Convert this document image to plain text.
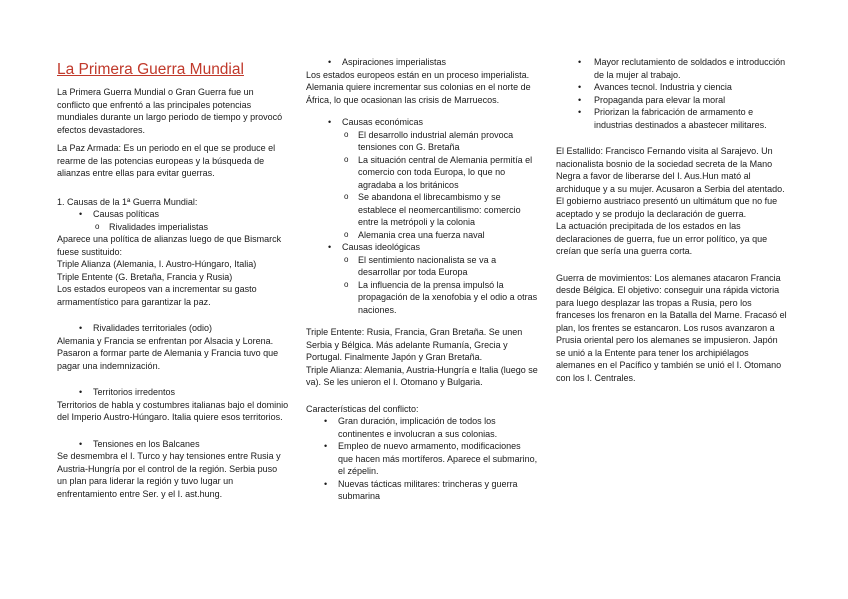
La Primera Guerra Mundial

La Primera Guerra Mundial o Gran Guerra fue un conflicto que enfrentó a las principales potencias mundiales durante un largo periodo de tiempo y provocó efectos devastadores.

La Paz Armada: Es un periodo en el que se produce el rearme de las potencias europeas y la búsqueda de alianzas entre ellas para evitar guerras.

1. Causas de la 1ª Guerra Mundial:
• Causas políticas
o Rivalidades imperialistas
Aparece una política de alianzas luego de que Bismarck fuese sustituido:
Triple Alianza (Alemania, I. Austro-Húngaro, Italia)
Triple Entente (G. Bretaña, Francia y Rusia)
Los estados europeos van a incrementar su gasto armamentístico para garantizar la paz.
• Rivalidades territoriales (odio)
Alemania y Francia se enfrentan por Alsacia y Lorena. Pasaron a formar parte de Alemania y Francia tuvo que pagar una indemnización.
• Territorios irredentos
Territorios de habla y costumbres italianas bajo el dominio del Imperio Austro-Húngaro. Italia quiere esos territorios.
• Tensiones en los Balcanes
Se desmembra el I. Turco y hay tensiones entre Rusia y Austria-Hungría por el control de la región. Serbia puso un plan para liderar la región y tuvo lugar un enfrentamiento entre Ser. y el I. ast.hung.
• Aspiraciones imperialistas
Los estados europeos están en un proceso imperialista. Alemania quiere incrementar sus colonias en el norte de África, lo que ocasionan las crisis de Marruecos.
• Causas económicas
o El desarrollo industrial alemán provoca tensiones con G. Bretaña
o La situación central de Alemania permitía el comercio con toda Europa, lo que no agradaba a los británicos
o Se abandona el librecambismo y se establece el neomercantilismo: comercio entre la metrópoli y la colonia
o Alemania crea una fuerza naval
• Causas ideológicas
o El sentimiento nacionalista se va a desarrollar por toda Europa
o La influencia de la prensa impulsó la propagación de la xenofobia y el odio a otras naciones.
Triple Entente: Rusia, Francia, Gran Bretaña. Se unen Serbia y Bélgica. Más adelante Rumanía, Grecia y Portugal. Finalmente Japón y Gran Bretaña.
Triple Alianza: Alemania, Austria-Hungría e Italia (luego se va). Se les unieron el I. Otomano y Bulgaria.
Características del conflicto:
• Gran duración, implicación de todos los continentes e involucran a sus colonias.
• Empleo de nuevo armamento, modificaciones que hacen más mortíferos. Aparece el submarino, el zépelin.
• Nuevas tácticas militares: trincheras y guerra submarina
• Mayor reclutamiento de soldados e introducción de la mujer al trabajo.
• Avances tecnol. Industria y ciencia
• Propaganda para elevar la moral
• Priorizan la fabricación de armamento e industrias destinados a abastecer militares.
El Estallido: Francisco Fernando visita al Sarajevo. Un nacionalista bosnio de la sociedad secreta de la Mano Negra a favor de liberarse del I. Aus.Hun mató al archiduque y a su mujer. Acusaron a Serbia del atentado. El gobierno austriaco presentó un ultimátum que no fue aceptado y se produjo la declaración de guerra.
La actuación precipitada de los estados en las declaraciones de guerra, fue un error político, ya que creían que sería una guerra corta.
Guerra de movimientos: Los alemanes atacaron Francia desde Bélgica. El objetivo: conseguir una rápida victoria para luego desplazar las tropas a Rusia, pero los franceses los frenaron en la Batalla del Marne. Fracasó el plan, los frentes se estancaron. Los rusos avanzaron a Prusia oriental pero los alemanes se impusieron. Japón se unió a la Entente para tener los archipiélagos alemanes en el Pacífico y también se unió el I. Otomano con los I. Centrales.
